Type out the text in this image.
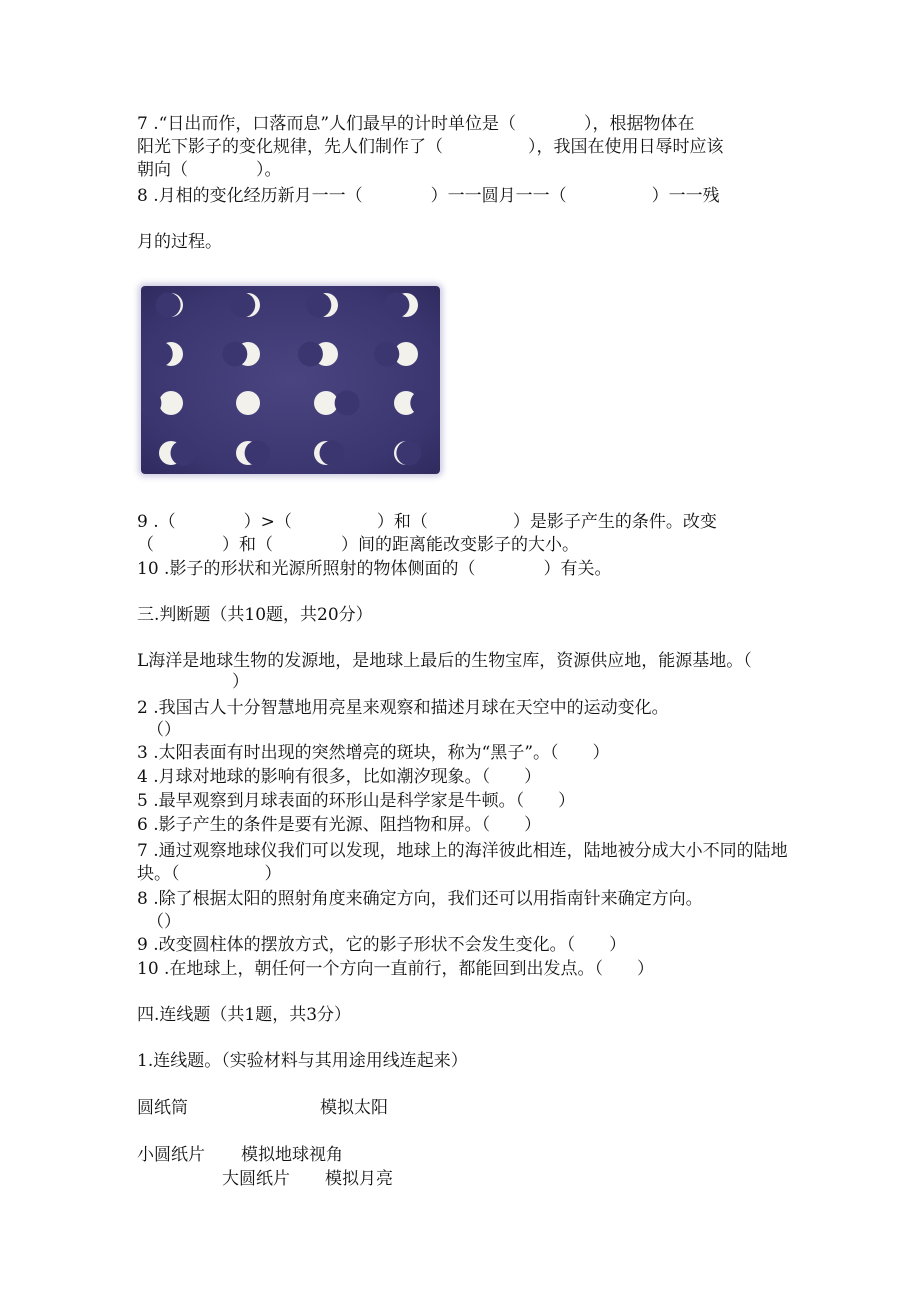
7 .“日出而作，口落而息”人们最早的计时单位是（　　　　），根据物体在
阳光下影子的变化规律，先人们制作了（　　　　　），我国在使用日辱时应该
朝向（　　　　）。
8 .月相的变化经历新月一一（　　　　）一一圆月一一（　　　　　）一一残
月的过程。
9 .（　　　　）>（　　　　　）和（　　　　　）是影子产生的条件。改变
（　　　　）和（　　　　）间的距离能改变影子的大小。
10 .影子的形状和光源所照射的物体侧面的（　　　　）有关。
三.判断题（共10题，共20分）
L海洋是地球生物的发源地，是地球上最后的生物宝库，资源供应地，能源基地。（
）
2 .我国古人十分智慧地用亮星来观察和描述月球在天空中的运动变化。
（）
3 .太阳表面有时出现的突然增亮的斑块，称为“黑子”。（　　）
4 .月球对地球的影响有很多，比如潮汐现象。（　　）
5 .最早观察到月球表面的环形山是科学家是牛顿。（　　）
6 .影子产生的条件是要有光源、阻挡物和屏。（　　）
7 .通过观察地球仪我们可以发现，地球上的海洋彼此相连，陆地被分成大小不同的陆地
块。（　　　　　）
8 .除了根据太阳的照射角度来确定方向，我们还可以用指南针来确定方向。
（）
9 .改变圆柱体的摆放方式，它的影子形状不会发生变化。（　　）
10 .在地球上，朝任何一个方向一直前行，都能回到出发点。（　　）
四.连线题（共1题，共3分）
1.连线题。（实验材料与其用途用线连起来）
圆纸筒	模拟太阳
小圆纸片 模拟地球视角
大圆纸片 模拟月亮
